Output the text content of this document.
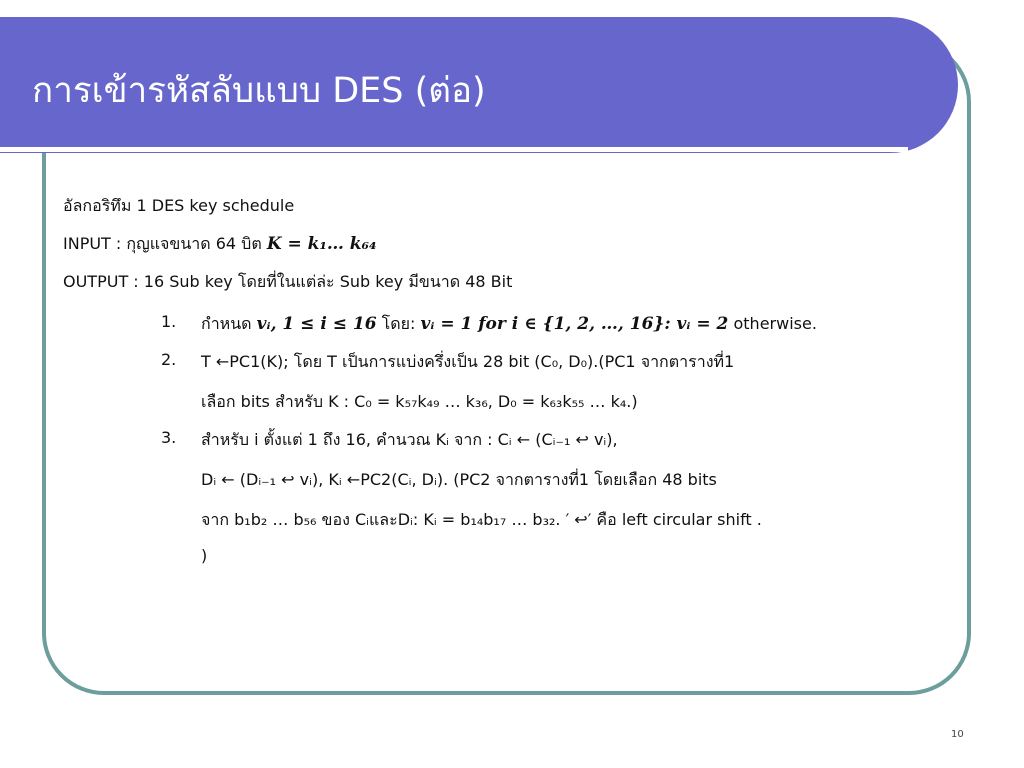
การเข้ารหัสลับแบบ DES (ต่อ)
อัลกอริทึม 1 DES key schedule
INPUT : กุญแจขนาด 64 บิต K = k₁… k₆₄
OUTPUT : 16 Sub key โดยที่ในแต่ล่ะ Sub key มีขนาด 48 Bit
1. กำหนด vᵢ, 1 ≤ i ≤ 16 โดย: vᵢ = 1 for i ∈ {1, 2, …, 16}: vᵢ = 2 otherwise.
2. T ←PC1(K); โดย T เป็นการแบ่งครึ่งเป็น 28 bit (C₀, D₀).(PC1 จากตารางที่1
เลือก bits สำหรับ K : C₀ = k₅₇k₄₉ … k₃₆, D₀ = k₆₃k₅₅ … k₄.)
3. สำหรับ i ตั้งแต่ 1 ถึง 16, คำนวณ Kᵢ จาก : Cᵢ ← (Cᵢ₋₁ ↩ vᵢ),
Dᵢ ← (Dᵢ₋₁ ↩ vᵢ), Kᵢ ←PC2(Cᵢ, Dᵢ). (PC2 จากตารางที่1 โดยเลือก 48 bits
จาก b₁b₂ … b₅₆ ของ CᵢและDᵢ: Kᵢ = b₁₄b₁₇ … b₃₂. ′ ↩′ คือ left circular shift .
)
10
